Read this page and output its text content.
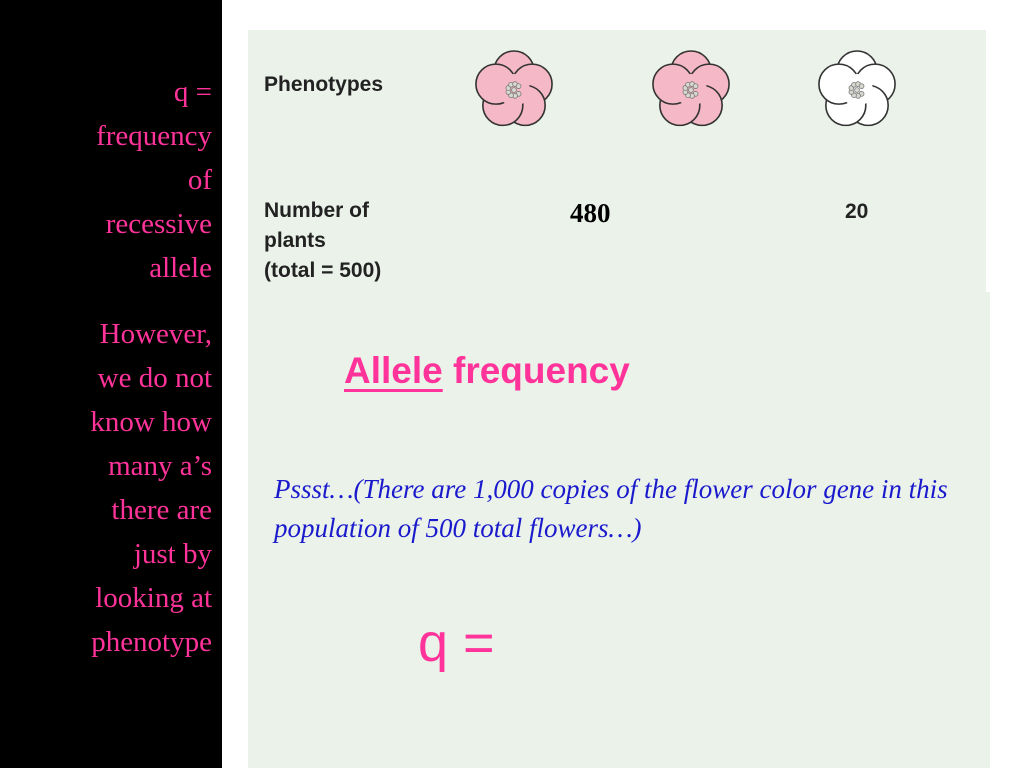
q =
frequency
of
recessive
allele

However,
we do not
know how
many a’s
there are
just by
looking at
phenotype

Phenotypes

Number of
plants
(total = 500)

480	20
Allele frequency

Pssst…(There are 1,000 copies of the flower color gene in this population of 500 total flowers…)

q =
